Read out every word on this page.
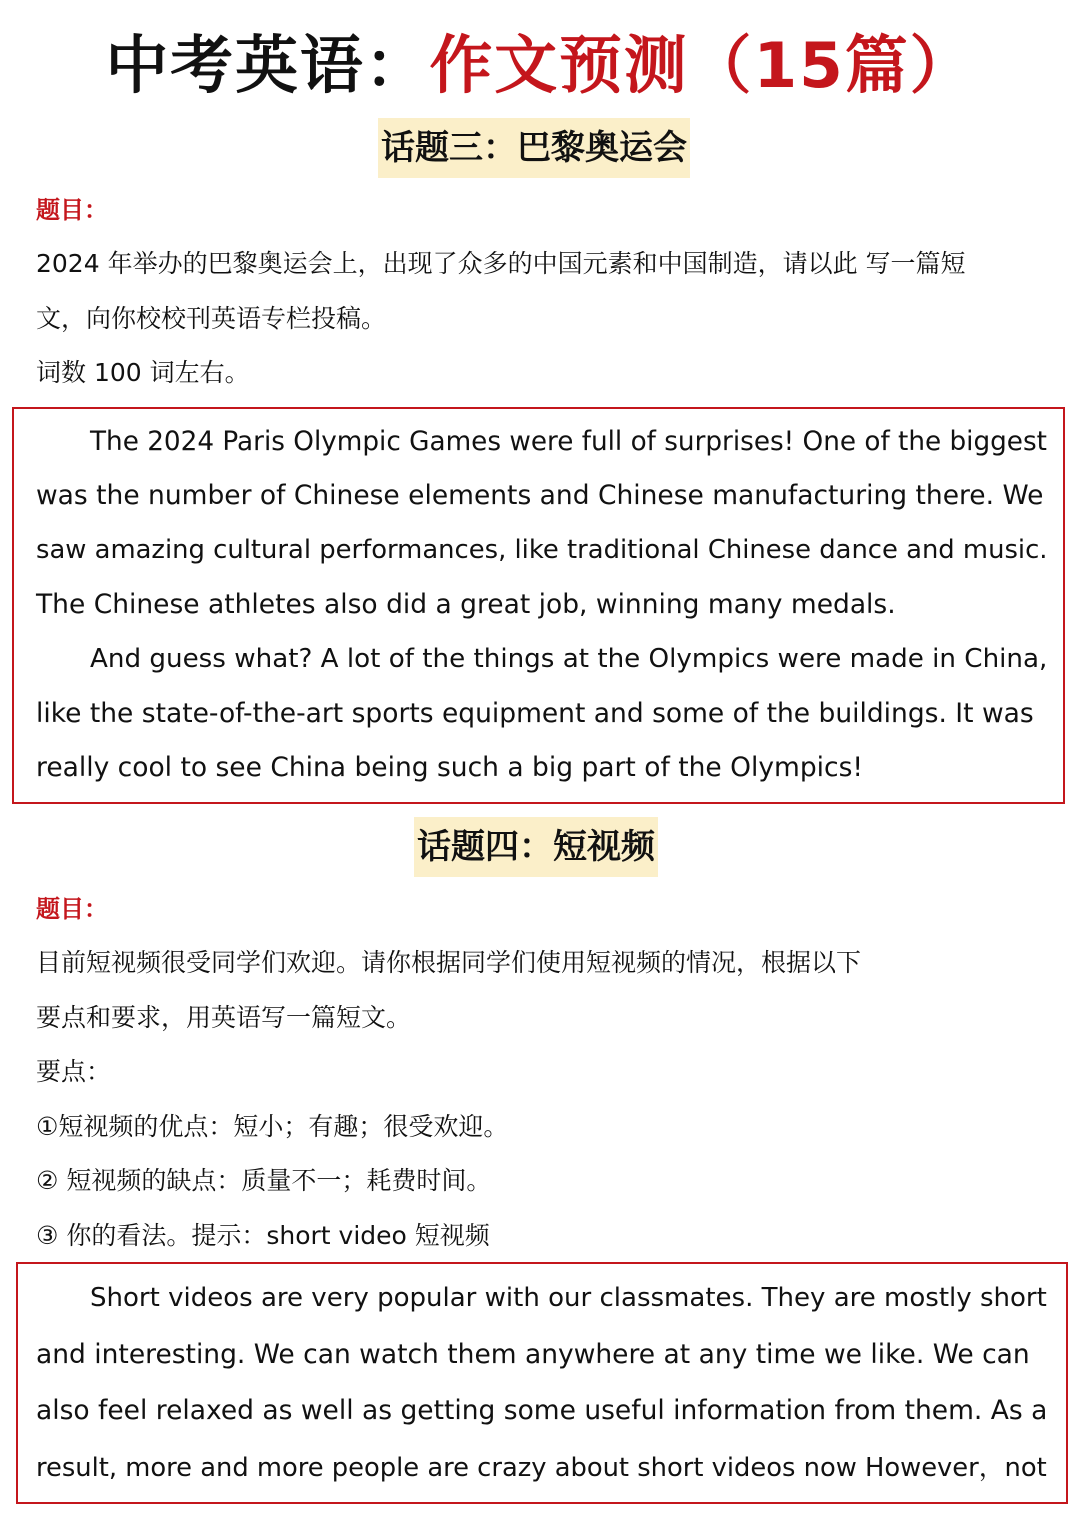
中考英语：作文预测（15篇）
话题三：巴黎奥运会
题目：
2024 年举办的巴黎奥运会上，出现了众多的中国元素和中国制造，请以此 写一篇短
文，向你校校刊英语专栏投稿。
词数 100 词左右。
The 2024 Paris Olympic Games were full of surprises! One of the biggest
was the number of Chinese elements and Chinese manufacturing there. We
saw amazing cultural performances, like traditional Chinese dance and music.
The Chinese athletes also did a great job, winning many medals.
And guess what? A lot of the things at the Olympics were made in China,
like the state-of-the-art sports equipment and some of the buildings. It was
really cool to see China being such a big part of the Olympics!
话题四：短视频
题目：
目前短视频很受同学们欢迎。请你根据同学们使用短视频的情况，根据以下
要点和要求，用英语写一篇短文。
要点：
①短视频的优点：短小；有趣；很受欢迎。
② 短视频的缺点：质量不一；耗费时间。
③ 你的看法。提示：short video 短视频
Short videos are very popular with our classmates. They are mostly short
and interesting. We can watch them anywhere at any time we like. We can
also feel relaxed as well as getting some useful information from them. As a
result, more and more people are crazy about short videos now However，not
